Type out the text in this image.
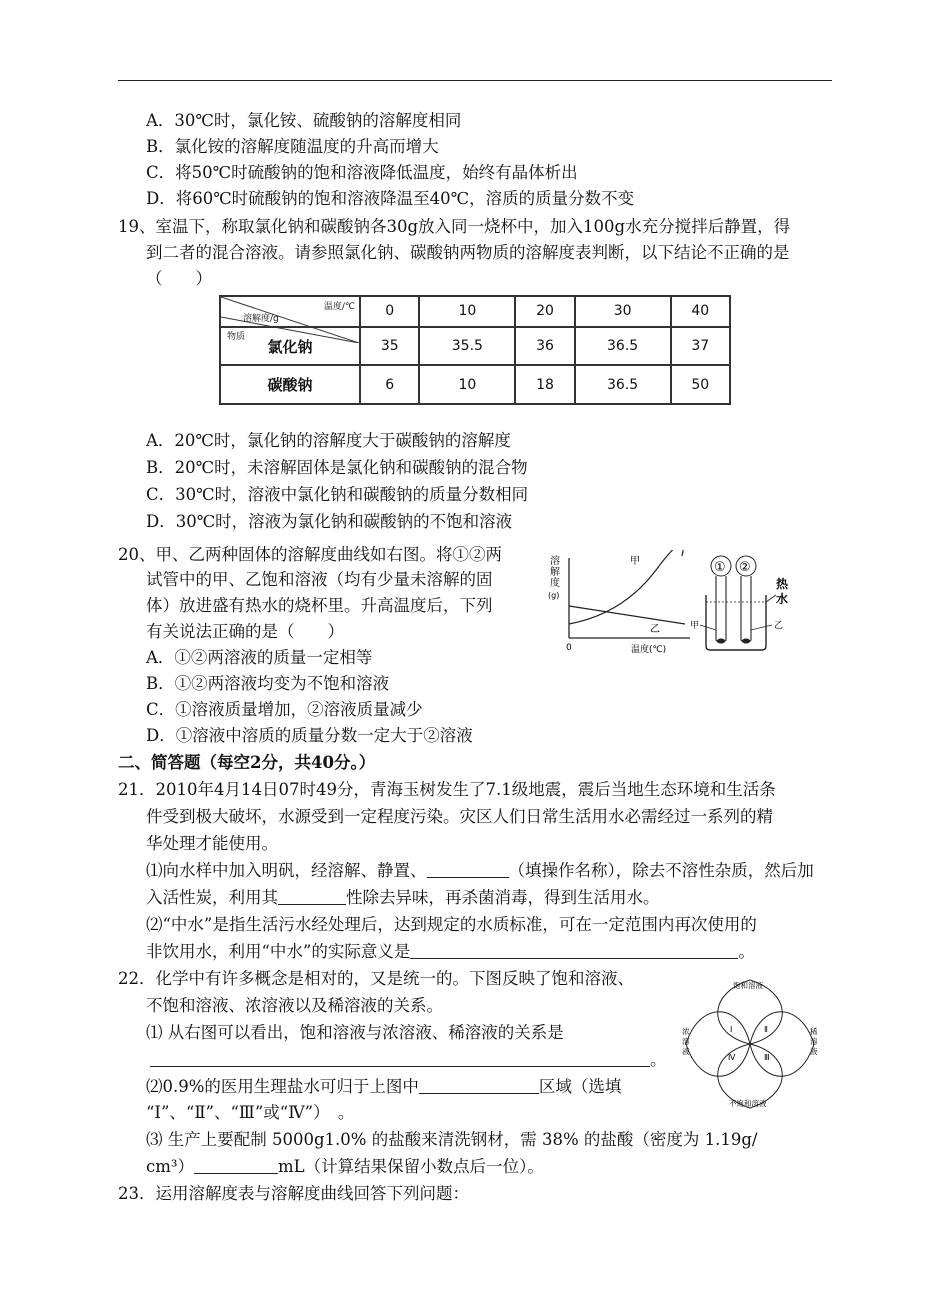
A．30℃时，氯化铵、硫酸钠的溶解度相同
B．氯化铵的溶解度随温度的升高而增大
C．将50℃时硫酸钠的饱和溶液降低温度，始终有晶体析出
D．将60℃时硫酸钠的饱和溶液降温至40℃，溶质的质量分数不变
19、室温下，称取氯化钠和碳酸钠各30g放入同一烧杯中，加入100g水充分搅拌后静置，得
到二者的混合溶液。请参照氯化钠、碳酸钠两物质的溶解度表判断，以下结论不正确的是
（　　）
温度/℃
溶解度/g
物质	0	10	20	30	40
氯化钠	35	35.5	36	36.5	37
碳酸钠	6	10	18	36.5	50
A．20℃时，氯化钠的溶解度大于碳酸钠的溶解度
B．20℃时，未溶解固体是氯化钠和碳酸钠的混合物
C．30℃时，溶液中氯化钠和碳酸钠的质量分数相同
D．30℃时，溶液为氯化钠和碳酸钠的不饱和溶液
20、甲、乙两种固体的溶解度曲线如右图。将①②两
试管中的甲、乙饱和溶液（均有少量未溶解的固
体）放进盛有热水的烧杯里。升高温度后，下列
有关说法正确的是（　　）
A．①②两溶液的质量一定相等
B．①②两溶液均变为不饱和溶液
C．①溶液质量增加，②溶液质量减少
D．①溶液中溶质的质量分数一定大于②溶液
溶
解
度
(g)
甲
乙
0	温度(℃)
① ②
热
水
甲	乙
二、简答题（每空2分，共40分。）
21．2010年4月14日07时49分，青海玉树发生了7.1级地震，震后当地生态环境和生活条
件受到极大破坏，水源受到一定程度污染。灾区人们日常生活用水必需经过一系列的精
华处理才能使用。
⑴向水样中加入明矾，经溶解、静置、	（填操作名称），除去不溶性杂质，然后加
入活性炭，利用其	性除去异味，再杀菌消毒，得到生活用水。
⑵“中水”是指生活污水经处理后，达到规定的水质标准，可在一定范围内再次使用的
非饮用水，利用“中水”的实际意义是	。
22．化学中有许多概念是相对的，又是统一的。下图反映了饱和溶液、
不饱和溶液、浓溶液以及稀溶液的关系。
⑴ 从右图可以看出，饱和溶液与浓溶液、稀溶液的关系是
。
⑵0.9%的医用生理盐水可归于上图中	区域（选填
“Ⅰ”、“Ⅱ”、“Ⅲ”或“Ⅳ”）　。
⑶ 生产上要配制 5000g1.0% 的盐酸来清洗钢材，需 38% 的盐酸（密度为 1.19g/
cm³）	mL（计算结果保留小数点后一位）。
饱和溶液
不饱和溶液
浓
溶
液
稀
溶
液
Ⅰ	Ⅱ
Ⅲ
Ⅳ
23．运用溶解度表与溶解度曲线回答下列问题：
